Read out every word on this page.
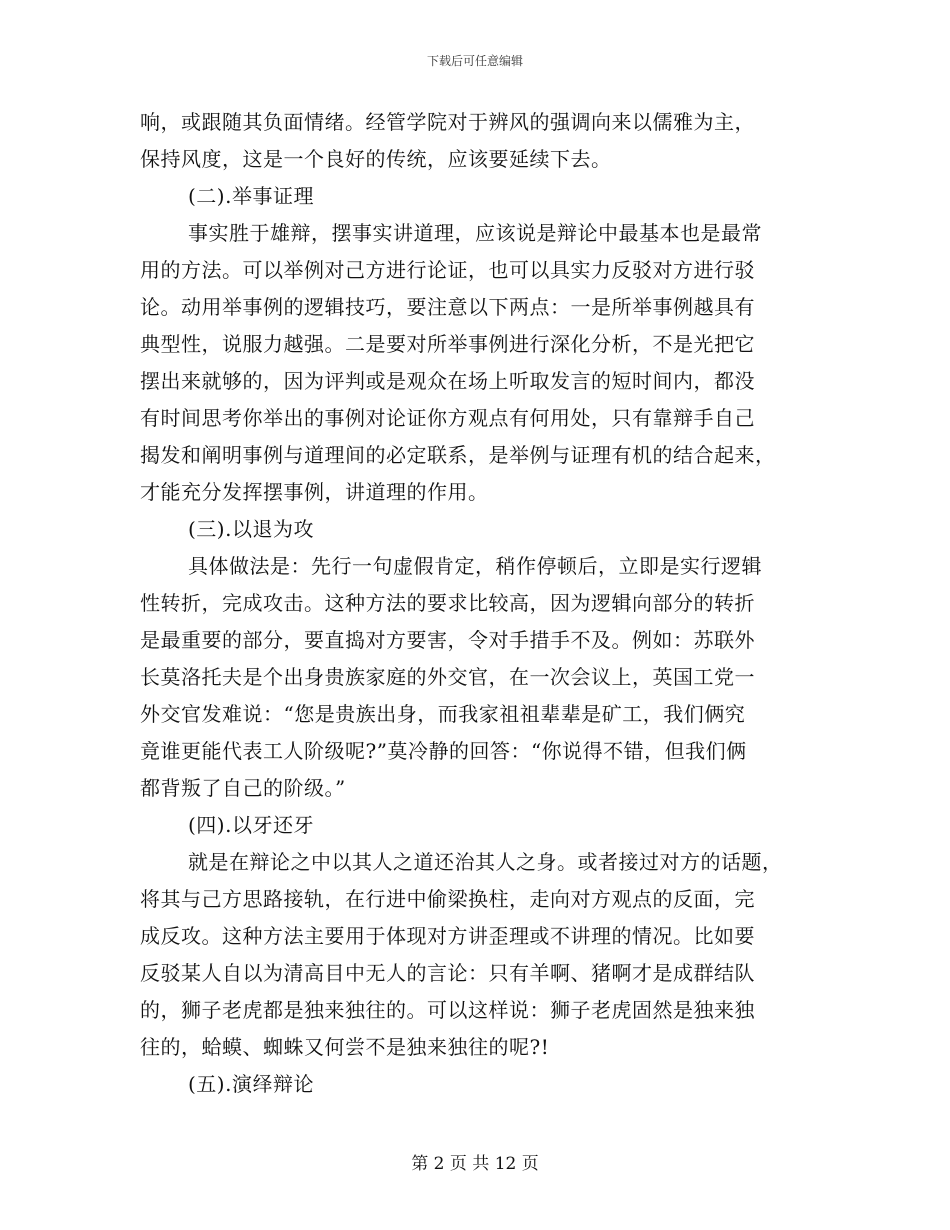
下载后可任意编辑
响，或跟随其负面情绪。经管学院对于辨风的强调向来以儒雅为主，
保持风度，这是一个良好的传统，应该要延续下去。
(二).举事证理
事实胜于雄辩，摆事实讲道理，应该说是辩论中最基本也是最常
用的方法。可以举例对己方进行论证，也可以具实力反驳对方进行驳
论。动用举事例的逻辑技巧，要注意以下两点：一是所举事例越具有
典型性，说服力越强。二是要对所举事例进行深化分析，不是光把它
摆出来就够的，因为评判或是观众在场上听取发言的短时间内，都没
有时间思考你举出的事例对论证你方观点有何用处，只有靠辩手自己
揭发和阐明事例与道理间的必定联系，是举例与证理有机的结合起来，
才能充分发挥摆事例，讲道理的作用。
(三).以退为攻
具体做法是：先行一句虚假肯定，稍作停顿后，立即是实行逻辑
性转折，完成攻击。这种方法的要求比较高，因为逻辑向部分的转折
是最重要的部分，要直捣对方要害，令对手措手不及。例如：苏联外
长莫洛托夫是个出身贵族家庭的外交官，在一次会议上，英国工党一
外交官发难说：“您是贵族出身，而我家祖祖辈辈是矿工，我们俩究
竟谁更能代表工人阶级呢?”莫冷静的回答：“你说得不错，但我们俩
都背叛了自己的阶级。”
(四).以牙还牙
就是在辩论之中以其人之道还治其人之身。或者接过对方的话题，
将其与己方思路接轨，在行进中偷梁换柱，走向对方观点的反面，完
成反攻。这种方法主要用于体现对方讲歪理或不讲理的情况。比如要
反驳某人自以为清高目中无人的言论：只有羊啊、猪啊才是成群结队
的，狮子老虎都是独来独往的。可以这样说：狮子老虎固然是独来独
往的，蛤蟆、蜘蛛又何尝不是独来独往的呢?!
(五).演绎辩论
第 2 页 共 12 页
